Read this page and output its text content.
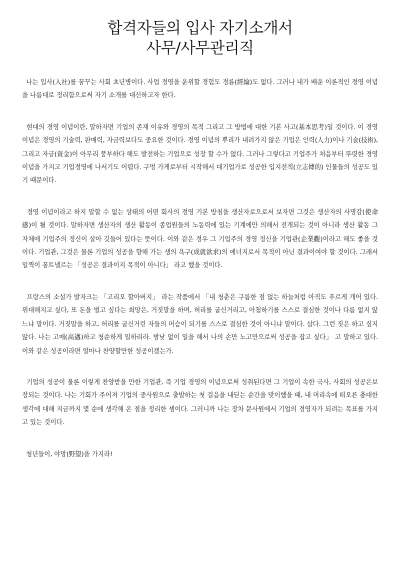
합격자들의 입사 자기소개서
사무/사무관리직

나는 입사(入社)를 꿈꾸는 사회 초년병이다. 사업 경영을 운위할 경험도 경륜(經綸)도 없다. 그러나 내가 배운 이론적인 경영 이념을 나름대로 정리함으로써 자기 소개를 대신하고자 한다.

현대의 경영 이념이란, 말하자면 기업의 존재 이유와 경영의 목적 그리고 그 방법에 대한 기본 사고(基本思考)일 것이다. 이 경영 이념은 경영의 기술력, 판매력, 자금력보다도 중요한 것이다. 경영 이념의 뿌리가 내려가지 않은 기업은 인력(人力)이나 기술(技術), 그리고 자금(資金)이 아무리 풍부하다 해도 발전하는 기업으로 성장 할 수가 없다. 그러나 그렇다고 기업주가 처음부터 뚜렷한 경영 이념을 가지고 기업경영에 나서기도 어렵다. 구멍 가게로부터 시작해서 대기업가로 성공한 입지전적(立志傳的) 인물들의 성공도 있기 때문이다.

경영 이념이라고 하지 말할 수 없는 상태의 어떤 회사의 경영 기본 방침을 생산자로으로서 보자면 그것은 생산자의 사명감(使命感)이 될 것이다. 말하자면 생산자의 생산 활동이 종업원들의 노동력에 있는 기계에만 의해서 전개되는 것이 아니라 생산 활동 그 자체에 기업주의 정신이 살아 깃들어 있다는 뜻이다. 이와 같은 경우 그 기업주의 경영 정신을 기업관(企業觀)이라고 해도 좋을 것이다. 기업관, 그것은 물론 기업의 성공을 향해 가는 생의 욕구(成就欲求)의 에너지로서 목적이 아닌 결과이여야 할 것이다. 그래서 일찍이 퐁트넬르는 「성공은 결과이지 목적이 아니다」 라고 했을 것이다.

프랑스의 소설가 발자크는 「고리오 할아버지」 라는 작품에서 「내 청춘은 구름한 점 없는 하늘처럼 아직도 푸르게 개어 있다. 위대해지고 싶다, 또 돈을 벌고 싶다는 희망은, 거짓말을 하며, 허리를 굽신거리고, 아첨하기를 스스로 결심한 것이나 다름 없지 않느냐 말이다. 거짓말을 하고, 허리를 굽신거린 자들의 머슴이 되기를 스스로 결심한 것이 아니냐 말이다. 삽다. 그런 짓은 하고 싶지 않다. 나는 고매(高邁)하고 청순하게 일하리라. 밤낮 없이 일을 해서 나의 손만 노고만으로써 성공을 잡고 싶다」 고 말하고 있다. 이와 같은 성공이라면 얼마나 찬양할만한 성공이겠는가.

기업의 성공이 물론 이렇게 찬양받을 만한 기업관, 즉 기업 경영의 이념으로써 성취된다면 그 기업이 속한 국사, 사회의 성공은보장되는 것이다. 나는 기회가 주어져 기업의 중사원으로 출발하는 첫 걸음을 내딛는 순간을 맞이했을 때, 내 머리속에 떠오른 충대한 생각에 대해 지금까지 몇 순에 생각해 온 점을 정리한 셈이다. 그러니까 나는 장차 문사원에서 기업의 경영자가 되려는 목표를 가지고 있는 것이다.

청년들이, 야망(野望)을 가지라!
